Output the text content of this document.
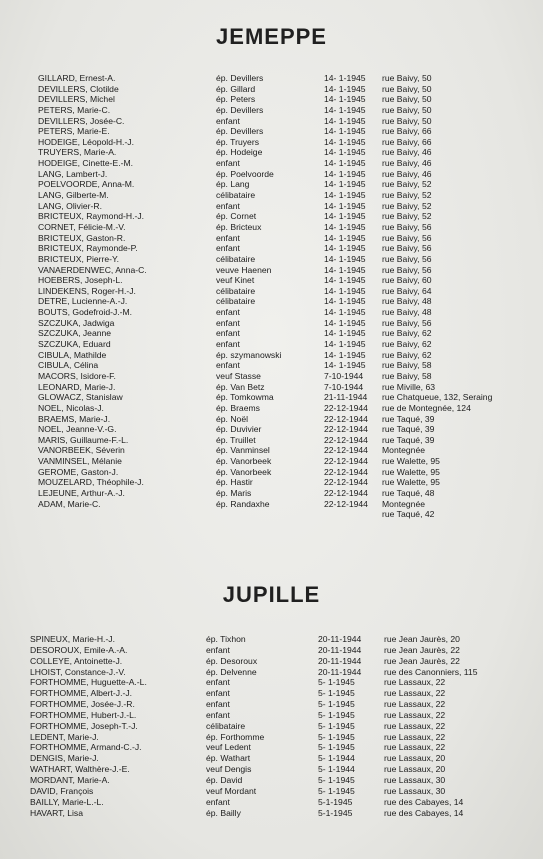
JEMEPPE
GILLARD, Ernest-A.	ép. Devillers	14- 1-1945	rue Baivy, 50
DEVILLERS, Clotilde	ép. Gillard	14- 1-1945	rue Baivy, 50
DEVILLERS, Michel	ép. Peters	14- 1-1945	rue Baivy, 50
PETERS, Marie-C.	ép. Devillers	14- 1-1945	rue Baivy, 50
DEVILLERS, Josée-C.	enfant	14- 1-1945	rue Baivy, 50
PETERS, Marie-E.	ép. Devillers	14- 1-1945	rue Baivy, 66
HODEIGE, Léopold-H.-J.	ép. Truyers	14- 1-1945	rue Baivy, 66
TRUYERS, Marie-A.	ép. Hodeige	14- 1-1945	rue Baivy, 46
HODEIGE, Cinette-E.-M.	enfant	14- 1-1945	rue Baivy, 46
LANG, Lambert-J.	ép. Poelvoorde	14- 1-1945	rue Baivy, 46
POELVOORDE, Anna-M.	ép. Lang	14- 1-1945	rue Baivy, 52
LANG, Gilberte-M.	célibataire	14- 1-1945	rue Baivy, 52
LANG, Olivier-R.	enfant	14- 1-1945	rue Baivy, 52
BRICTEUX, Raymond-H.-J.	ép. Cornet	14- 1-1945	rue Baivy, 52
CORNET, Félicie-M.-V.	ép. Bricteux	14- 1-1945	rue Baivy, 56
BRICTEUX, Gaston-R.	enfant	14- 1-1945	rue Baivy, 56
BRICTEUX, Raymonde-P.	enfant	14- 1-1945	rue Baivy, 56
BRICTEUX, Pierre-Y.	célibataire	14- 1-1945	rue Baivy, 56
VANAERDENWEC, Anna-C.	veuve Haenen	14- 1-1945	rue Baivy, 56
HOEBERS, Joseph-L.	veuf Kinet	14- 1-1945	rue Baivy, 60
LINDEKENS, Roger-H.-J.	célibataire	14- 1-1945	rue Baivy, 64
DETRE, Lucienne-A.-J.	célibataire	14- 1-1945	rue Baivy, 48
BOUTS, Godefroid-J.-M.	enfant	14- 1-1945	rue Baivy, 48
SZCZUKA, Jadwiga	enfant	14- 1-1945	rue Baivy, 56
SZCZUKA, Jeanne	enfant	14- 1-1945	rue Baivy, 62
SZCZUKA, Eduard	enfant	14- 1-1945	rue Baivy, 62
CIBULA, Mathilde	ép. szymanowski	14- 1-1945	rue Baivy, 62
CIBULA, Célina	enfant	14- 1-1945	rue Baivy, 58
MACORS, Isidore-F.	veuf Stasse	7-10-1944	rue Baivy, 58
LEONARD, Marie-J.	ép. Van Betz	7-10-1944	rue Miville, 63
GLOWACZ, Stanislaw	ép. Tomkowma	21-11-1944	rue Chatqueue, 132, Seraing
NOEL, Nicolas-J.	ép. Braems	22-12-1944	rue de Montegnée, 124
BRAEMS, Marie-J.	ép. Noël	22-12-1944	rue Taqué, 39
NOEL, Jeanne-V.-G.	ép. Duvivier	22-12-1944	rue Taqué, 39
MARIS, Guillaume-F.-L.	ép. Truillet	22-12-1944	rue Taqué, 39
VANORBEEK, Séverin	ép. Vanminsel	22-12-1944	Montegnée
VANMINSEL, Mélanie	ép. Vanorbeek	22-12-1944	rue Walette, 95
GEROME, Gaston-J.	ép. Vanorbeek	22-12-1944	rue Walette, 95
MOUZELARD, Théophile-J.	ép. Hastir	22-12-1944	rue Walette, 95
LEJEUNE, Arthur-A.-J.	ép. Maris	22-12-1944	rue Taqué, 48
ADAM, Marie-C.	ép. Randaxhe	22-12-1944	Montegnée
rue Taqué, 42
JUPILLE
SPINEUX, Marie-H.-J.	ép. Tixhon	20-11-1944	rue Jean Jaurès, 20
DESOROUX, Emile-A.-A.	enfant	20-11-1944	rue Jean Jaurès, 22
COLLEYE, Antoinette-J.	ép. Desoroux	20-11-1944	rue Jean Jaurès, 22
LHOIST, Constance-J.-V.	ép. Delvenne	20-11-1944	rue des Canonniers, 115
FORTHOMME, Huguette-A.-L.	enfant	5- 1-1945	rue Lassaux, 22
FORTHOMME, Albert-J.-J.	enfant	5- 1-1945	rue Lassaux, 22
FORTHOMME, Josée-J.-R.	enfant	5- 1-1945	rue Lassaux, 22
FORTHOMME, Hubert-J.-L.	enfant	5- 1-1945	rue Lassaux, 22
FORTHOMME, Joseph-T.-J.	célibataire	5- 1-1945	rue Lassaux, 22
LEDENT, Marie-J.	ép. Forthomme	5- 1-1945	rue Lassaux, 22
FORTHOMME, Armand-C.-J.	veuf Ledent	5- 1-1945	rue Lassaux, 22
DENGIS, Marie-J.	ép. Wathart	5- 1-1944	rue Lassaux, 20
WATHART, Walthère-J.-E.	veuf Dengis	5- 1-1944	rue Lassaux, 20
MORDANT, Marie-A.	ép. David	5- 1-1945	rue Lassaux, 30
DAVID, François	veuf Mordant	5- 1-1945	rue Lassaux, 30
BAILLY, Marie-L.-L.	enfant	5-1-1945	rue des Cabayes, 14
HAVART, Lisa	ép. Bailly	5-1-1945	rue des Cabayes, 14
